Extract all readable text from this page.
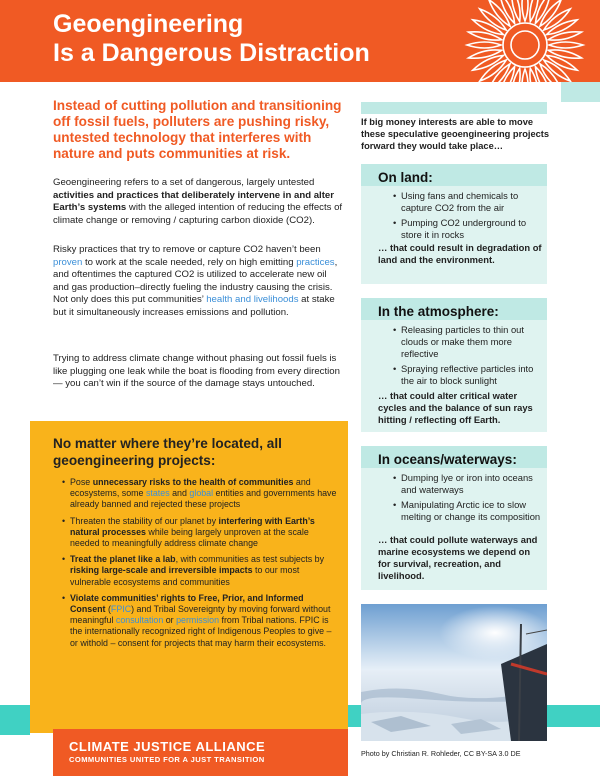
Geoengineering
Is a Dangerous Distraction
Instead of cutting pollution and transitioning off fossil fuels, polluters are pushing risky, untested technology that interferes with nature and puts communities at risk.
Geoengineering refers to a set of dangerous, largely untested activities and practices that deliberately intervene in and alter Earth’s systems with the alleged intention of reducing the effects of climate change or removing / capturing carbon dioxide (CO2).
Risky practices that try to remove or capture CO2 haven’t been proven to work at the scale needed, rely on high emitting practices, and oftentimes the captured CO2 is utilized to accelerate new oil and gas production–directly fueling the industry causing the crisis. Not only does this put communities’ health and livelihoods at stake but it simultaneously increases emissions and pollution.
Trying to address climate change without phasing out fossil fuels is like plugging one leak while the boat is flooding from every direction — you can’t win if the source of the damage stays untouched.
No matter where they’re located, all geoengineering projects:
• Pose unnecessary risks to the health of communities and ecosystems, some states and global entities and governments have already banned and rejected these projects
• Threaten the stability of our planet by interfering with Earth’s natural processes while being largely unproven at the scale needed to meaningfully address climate change
• Treat the planet like a lab, with communities as test subjects by risking large-scale and irreversible impacts to our most vulnerable ecosystems and communities
• Violate communities’ rights to Free, Prior, and Informed Consent (FPIC) and Tribal Sovereignty by moving forward without meaningful consultation or permission from Tribal nations. FPIC is the internationally recognized right of Indigenous Peoples to give – or withold – consent for projects that may harm their ecosystems.
CLIMATE JUSTICE ALLIANCE
COMMUNITIES UNITED FOR A JUST TRANSITION
If big money interests are able to move these speculative geoengineering projects forward they would take place…
On land:
• Using fans and chemicals to capture CO2 from the air
• Pumping CO2 underground to store it in rocks
… that could result in degradation of land and the environment.
In the atmosphere:
• Releasing particles to thin out clouds or make them more reflective
• Spraying reflective particles into the air to block sunlight
… that could alter critical water cycles and the balance of sun rays hitting / reflecting off Earth.
In oceans/waterways:
• Dumping lye or iron into oceans and waterways
• Manipulating Arctic ice to slow melting or change its composition
… that could pollute waterways and marine ecosystems we depend on for survival, recreation, and livelihood.
Photo by Christian R. Rohleder, CC BY-SA 3.0 DE
